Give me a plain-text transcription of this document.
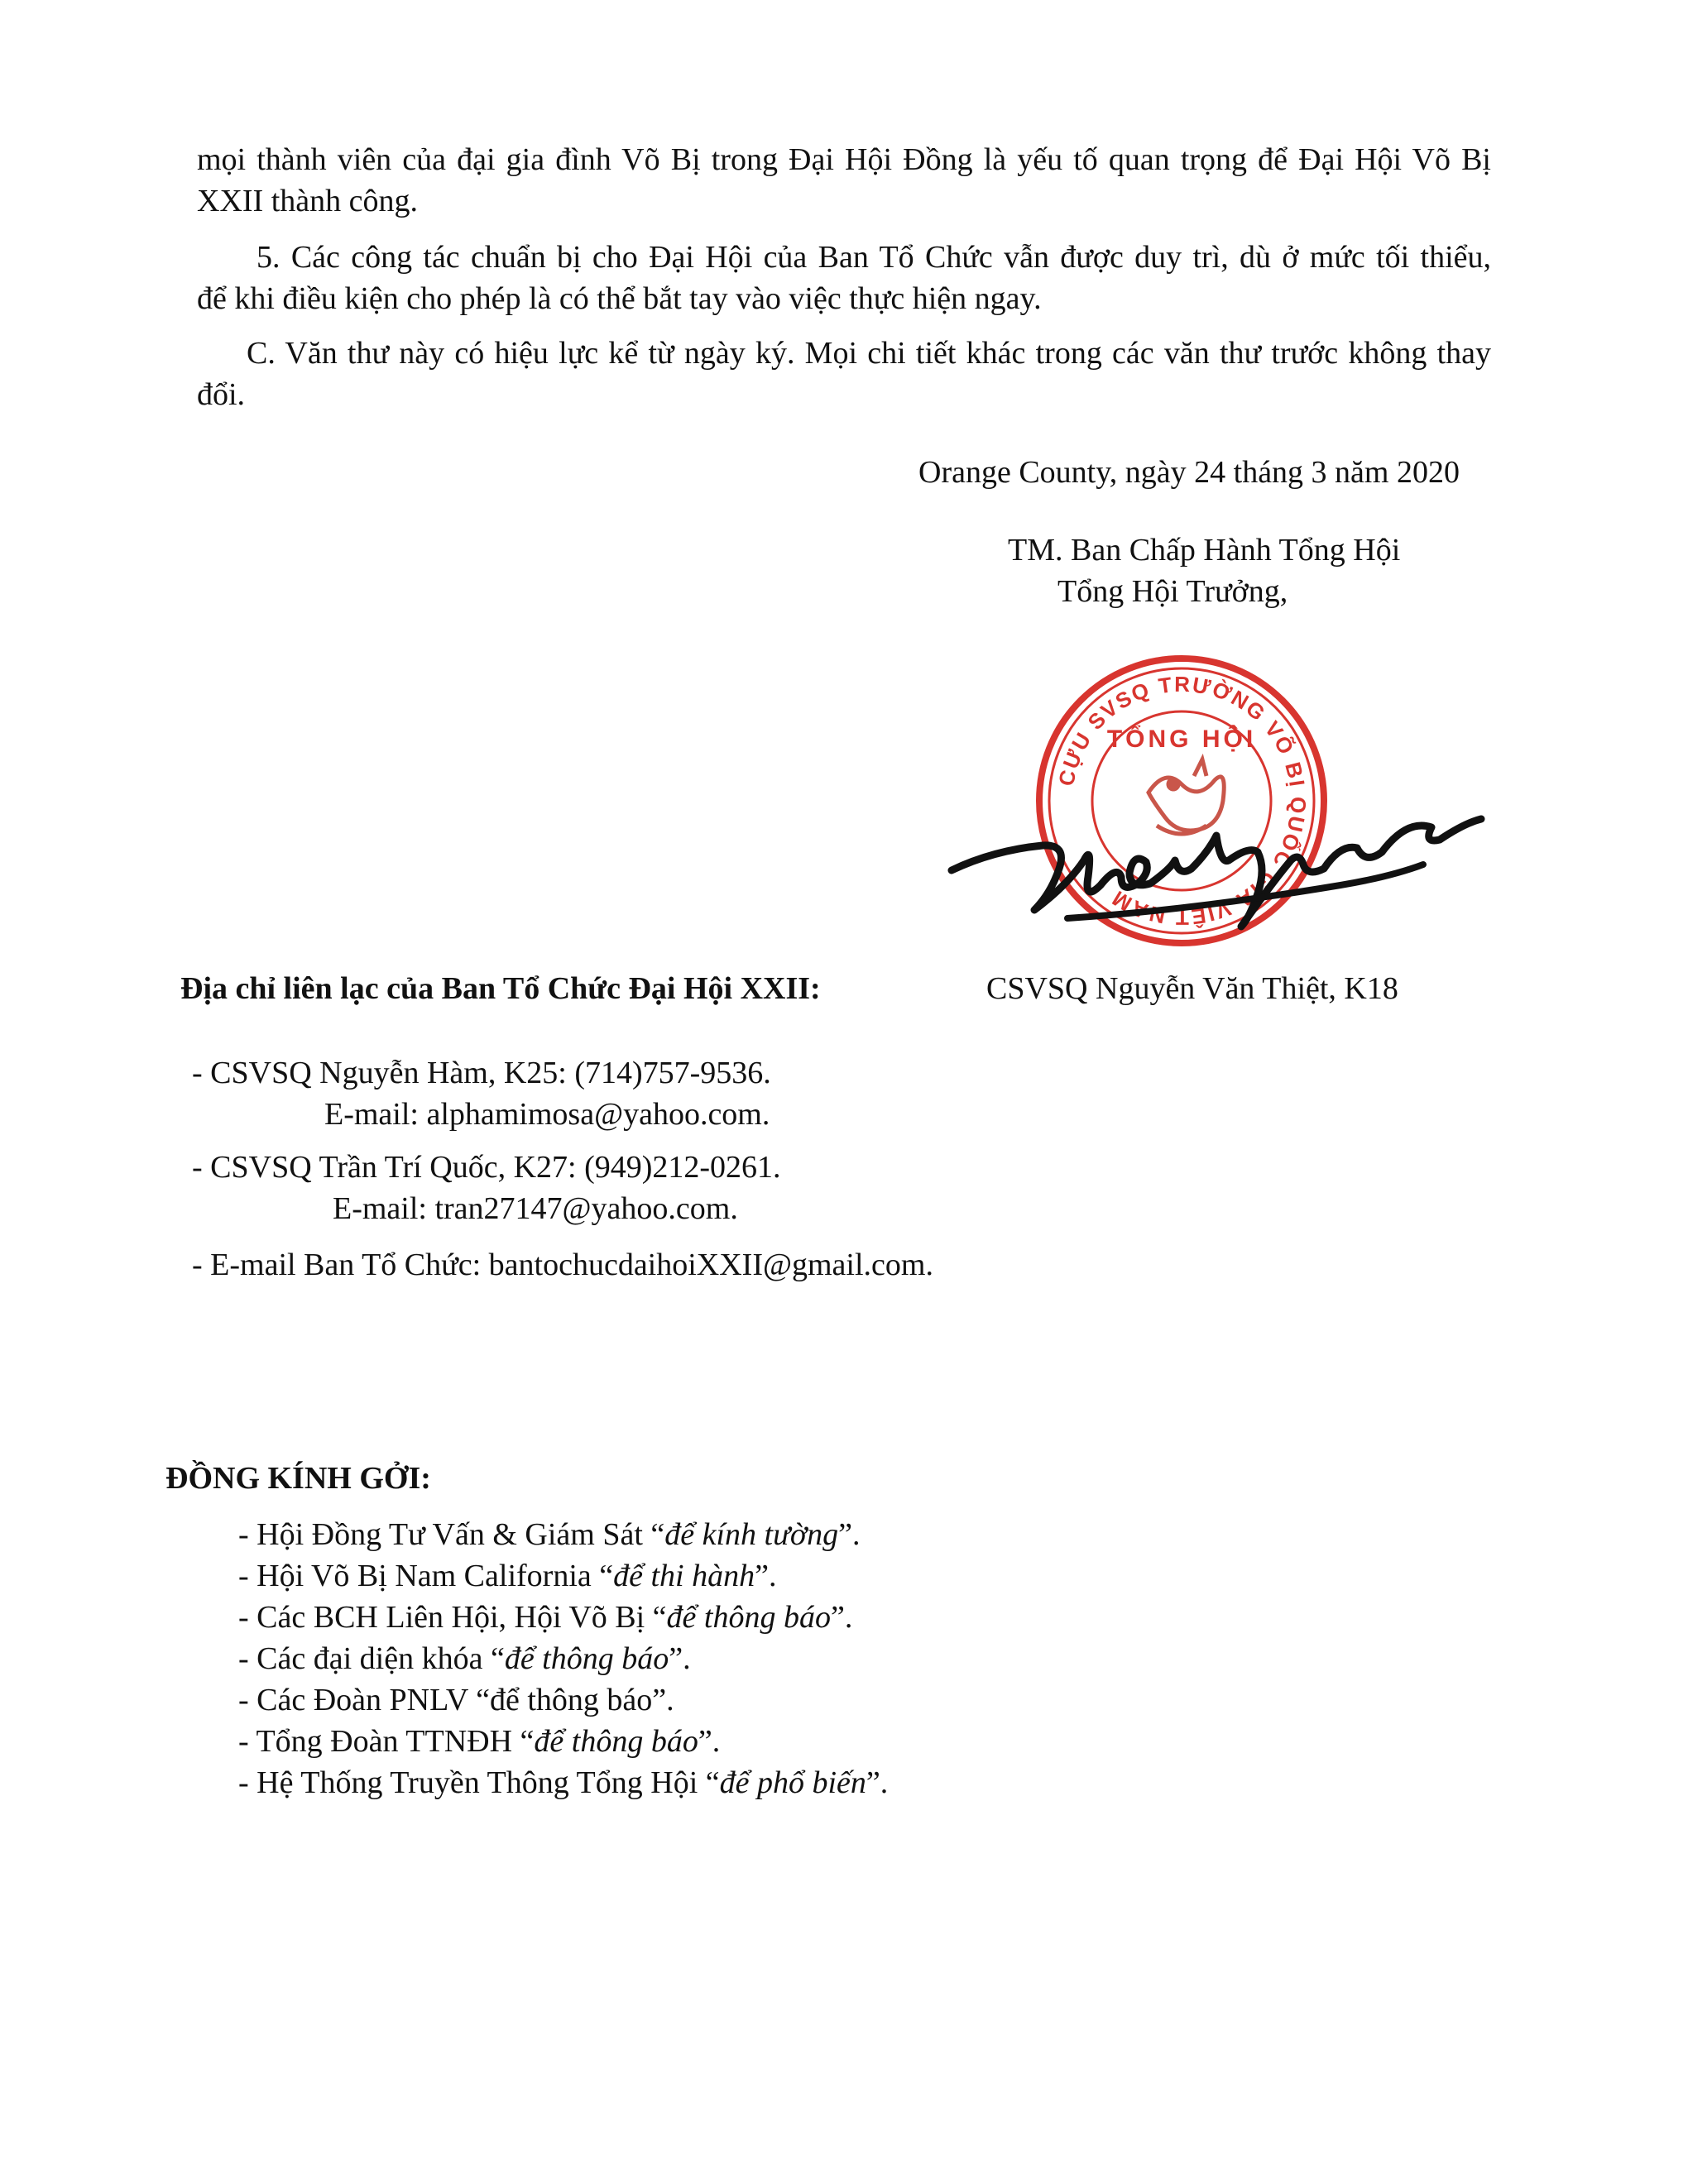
mọi thành viên của đại gia đình Võ Bị trong Đại Hội Đồng là yếu tố quan trọng để Đại Hội Võ Bị
XXII thành công.
5. Các công tác chuẩn bị cho Đại Hội của Ban Tổ Chức vẫn được duy trì, dù ở mức tối thiểu,
để khi điều kiện cho phép là có thể bắt tay vào việc thực hiện ngay.
C. Văn thư này có hiệu lực kể từ ngày ký. Mọi chi tiết khác trong các văn thư trước không thay
đổi.
Orange County, ngày 24 tháng 3 năm 2020
TM. Ban Chấp Hành Tổng Hội
Tổng Hội Trưởng,
CỰU SVSQ TRƯỜNG VÕ BỊ QUỐC GIA VIỆT NAM
TỔNG HỘI
CSVSQ Nguyễn Văn Thiệt, K18
Địa chỉ liên lạc của Ban Tổ Chức Đại Hội XXII:
- CSVSQ Nguyễn Hàm, K25: (714)757-9536.
E-mail: alphamimosa@yahoo.com.
- CSVSQ Trần Trí Quốc, K27: (949)212-0261.
E-mail: tran27147@yahoo.com.
- E-mail Ban Tổ Chức: bantochucdaihoiXXII@gmail.com.
ĐỒNG KÍNH GỞI:
- Hội Đồng Tư Vấn & Giám Sát “để kính tường”.
- Hội Võ Bị Nam California “để thi hành”.
- Các BCH Liên Hội, Hội Võ Bị “để thông báo”.
- Các đại diện khóa “để thông báo”.
- Các Đoàn PNLV “để thông báo”.
- Tổng Đoàn TTNĐH “để thông báo”.
- Hệ Thống Truyền Thông Tổng Hội “để phổ biến”.
